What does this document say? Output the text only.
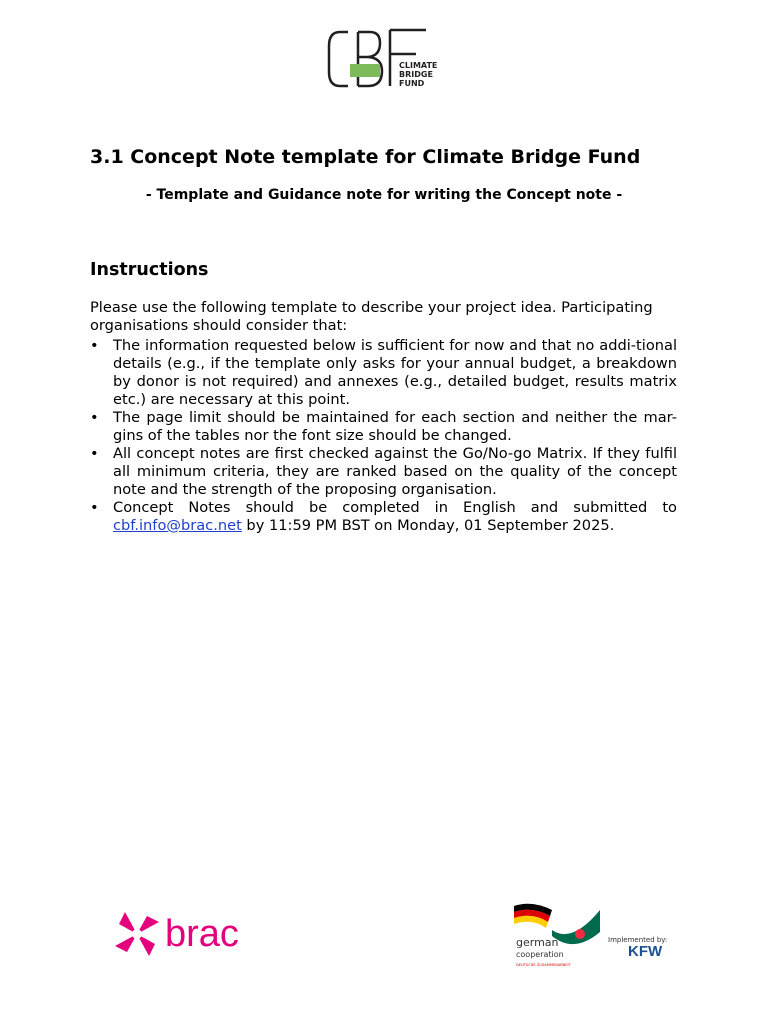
CLIMATE
BRIDGE
FUND
3.1 Concept Note template for Climate Bridge Fund

- Template and Guidance note for writing the Concept note -

Instructions

Please use the following template to describe your project idea. Participating organisations should consider that:

• The information requested below is sufficient for now and that no addi-tional details (e.g., if the template only asks for your annual budget, a breakdown by donor is not required) and annexes (e.g., detailed budget, results matrix etc.) are necessary at this point.
• The page limit should be maintained for each section and neither the mar-gins of the tables nor the font size should be changed.
• All concept notes are first checked against the Go/No-go Matrix. If they fulfil all minimum criteria, they are ranked based on the quality of the concept note and the strength of the proposing organisation.
• Concept Notes should be completed in English and submitted to cbf.info@brac.net by 11:59 PM BST on Monday, 01 September 2025.
brac	german
cooperation
DEUTSCHE ZUSAMMENARBEIT
Implemented by:
KFW
